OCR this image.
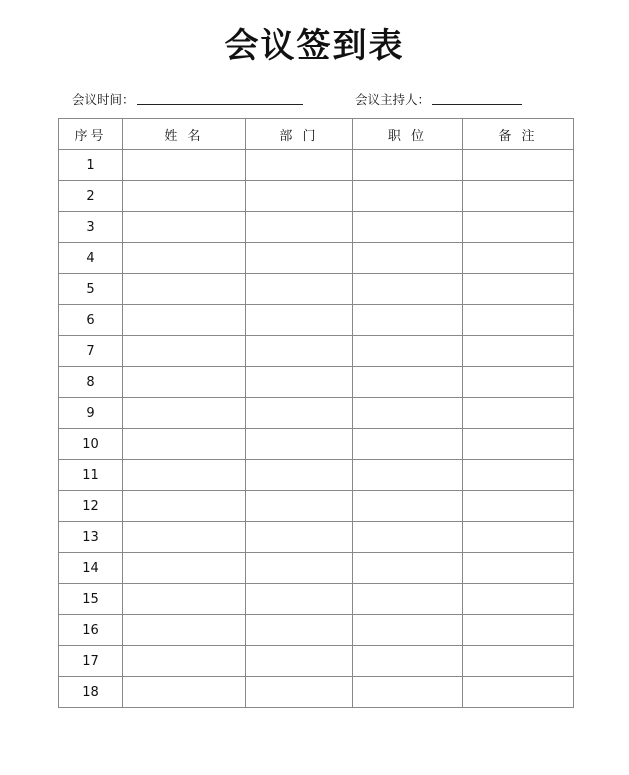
会议签到表
会议时间：	会议主持人：
序号	姓 名	部 门	职 位	备 注
1				
2				
3				
4				
5				
6				
7				
8				
9				
10				
11				
12				
13				
14				
15				
16				
17				
18				
